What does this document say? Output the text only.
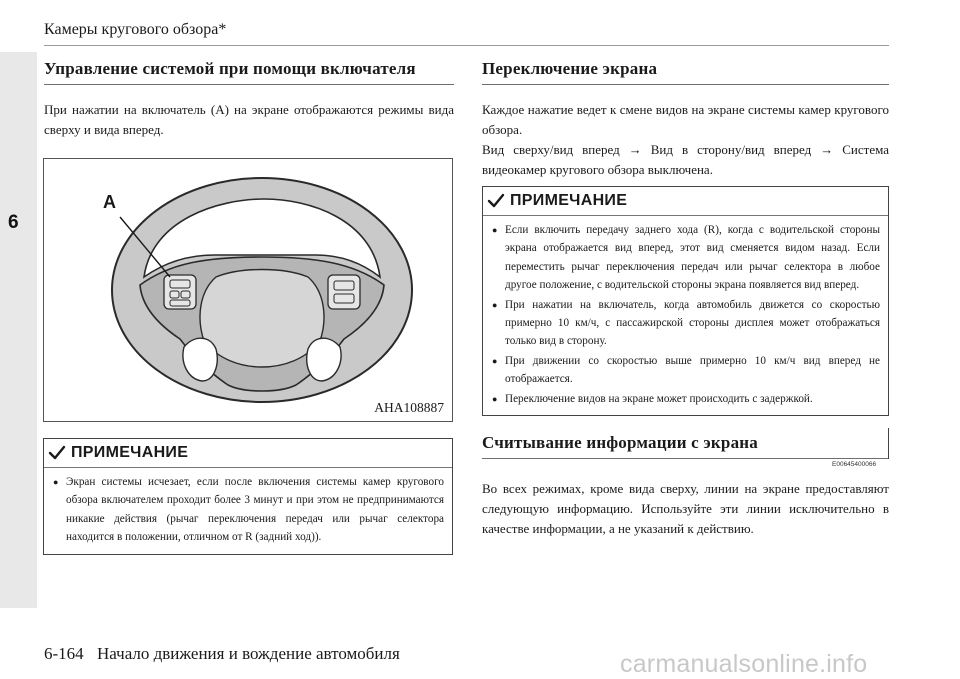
6
Камеры кругового обзора*
Управление системой при помощи включателя
При нажатии на включатель (A) на экране отображаются режимы вида сверху и вида вперед.
A
AHA108887
ПРИМЕЧАНИЕ
● Экран системы исчезает, если после включения системы камер кругового обзора включателем проходит более 3 минут и при этом не предпринимаются никакие действия (рычаг переключения передач или рычаг селектора находится в положении, отличном от R (задний ход)).
Переключение экрана
Каждое нажатие ведет к смене видов на экране системы камер кругового обзора.
Вид сверху/вид вперед → Вид в сторону/вид вперед → Система видеокамер кругового обзора выключена.
ПРИМЕЧАНИЕ
● Если включить передачу заднего хода (R), когда с водительской стороны экрана отображается вид вперед, этот вид сменяется видом назад. Если переместить рычаг переключения передач или рычаг селектора в любое другое положение, с водительской стороны экрана появляется вид вперед.
● При нажатии на включатель, когда автомобиль движется со скоростью примерно 10 км/ч, с пассажирской стороны дисплея может отображаться только вид в сторону.
● При движении со скоростью выше примерно 10 км/ч вид вперед не отображается.
● Переключение видов на экране может происходить с задержкой.
Считывание информации с экрана
E00645400066
Во всех режимах, кроме вида сверху, линии на экране предоставляют следующую информацию. Используйте эти линии исключительно в качестве информации, а не указаний к действию.
6-164 Начало движения и вождение автомобиля	carmanualsonline.info
